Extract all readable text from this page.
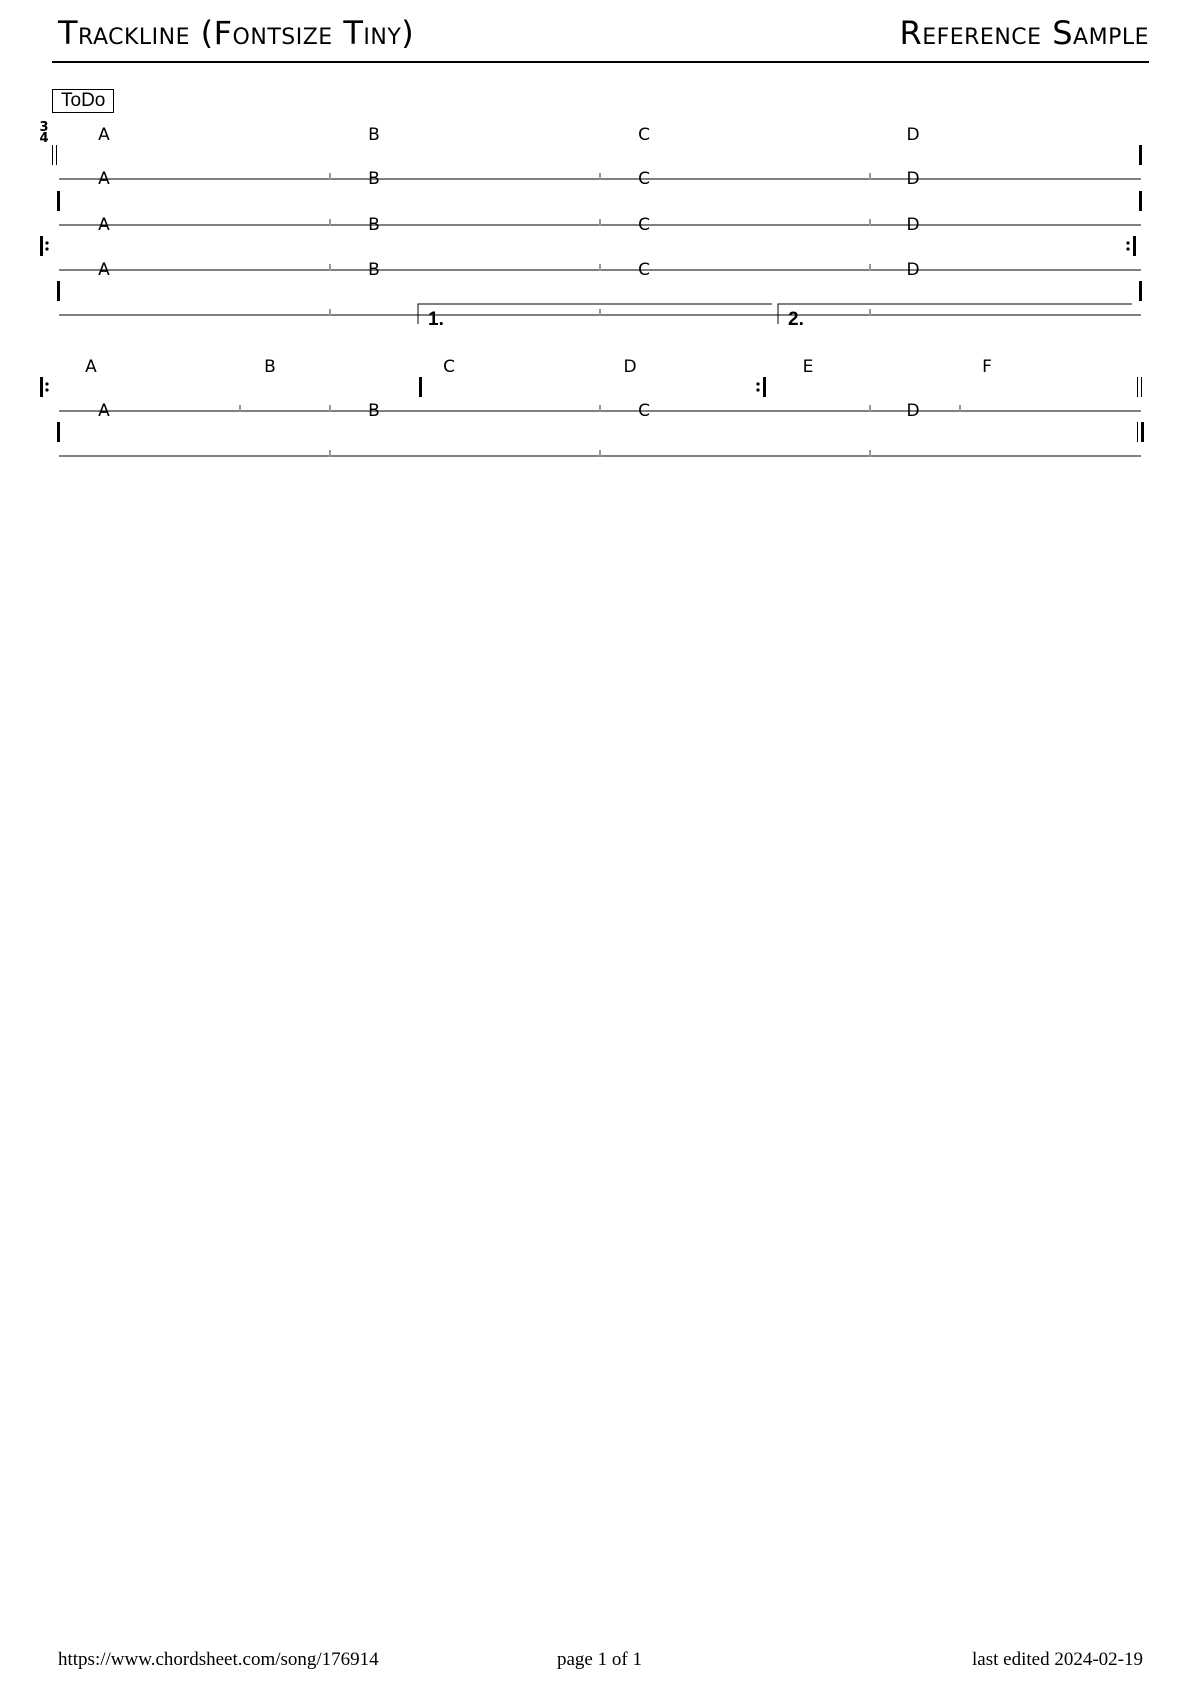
Trackline (Fontsize Tiny)	Reference Sample
ToDo
3
4	A	B	C	D
A	B	C	D
A	B	C	D
A	B	C	D
1.	2.
A	B	C	D	E	F
A	B	C	D
https://www.chordsheet.com/song/176914	page 1 of 1	last edited 2024-02-19
